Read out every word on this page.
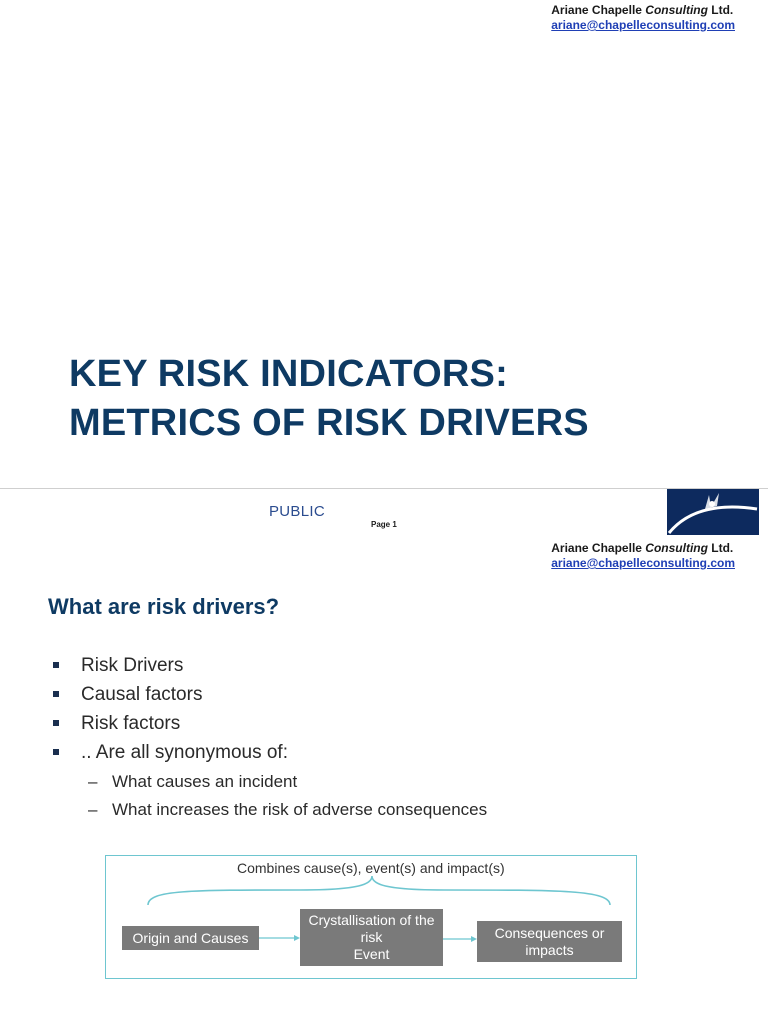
Ariane Chapelle Consulting Ltd.
ariane@chapelleconsulting.com
KEY RISK INDICATORS:
METRICS OF RISK DRIVERS
PUBLIC
Page 1
Ariane Chapelle Consulting Ltd.
ariane@chapelleconsulting.com
What are risk drivers?
Risk Drivers
Causal factors
Risk factors
.. Are all synonymous of:
– What causes an incident
– What increases the risk of adverse consequences
Combines cause(s), event(s) and impact(s)
Origin and Causes
Crystallisation of the
risk
Event
Consequences or
impacts
